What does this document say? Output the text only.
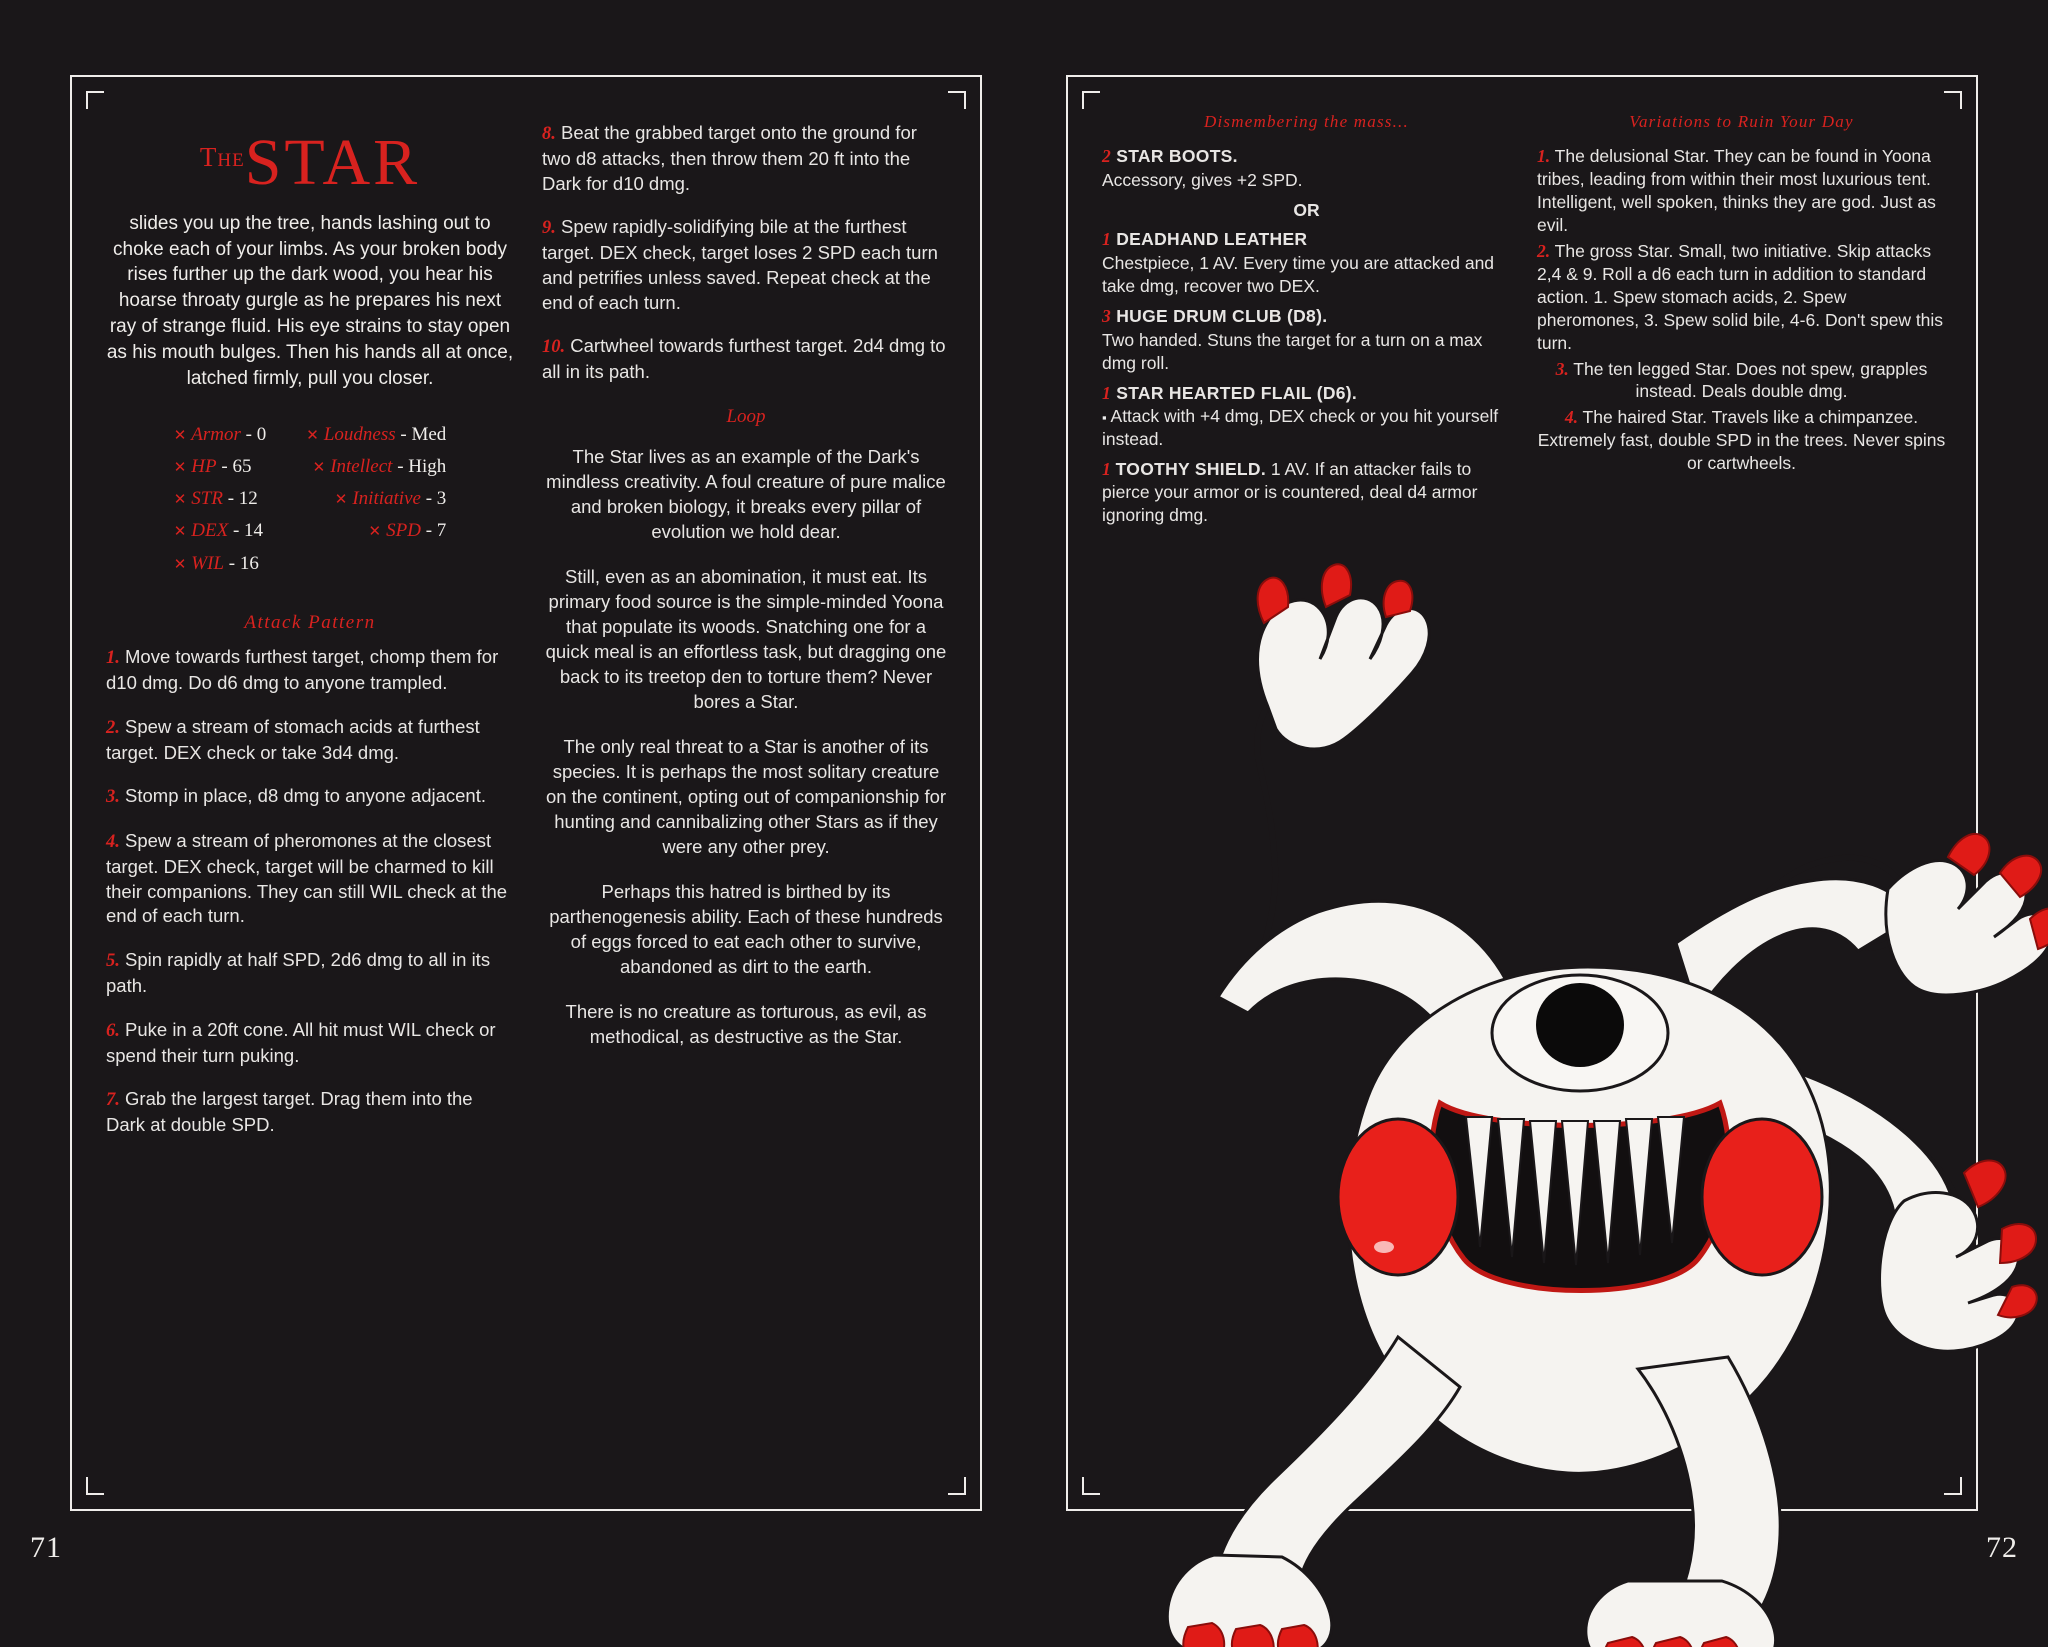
TheSTAR
slides you up the tree, hands lashing out to choke each of your limbs. As your broken body rises further up the dark wood, you hear his hoarse throaty gurgle as he prepares his next ray of strange fluid. His eye strains to stay open as his mouth bulges. Then his hands all at once, latched firmly, pull you closer.
✕ Armor - 0
✕ HP - 65
✕ STR - 12
✕ DEX - 14
✕ WIL - 16
✕ Loudness - Med
✕ Intellect - High
✕ Initiative - 3
✕ SPD - 7
Attack Pattern
1. Move towards furthest target, chomp them for d10 dmg. Do d6 dmg to anyone trampled.
2. Spew a stream of stomach acids at furthest target. DEX check or take 3d4 dmg.
3. Stomp in place, d8 dmg to anyone adjacent.
4. Spew a stream of pheromones at the closest target. DEX check, target will be charmed to kill their companions. They can still WIL check at the end of each turn.
5. Spin rapidly at half SPD, 2d6 dmg to all in its path.
6. Puke in a 20ft cone. All hit must WIL check or spend their turn puking.
7. Grab the largest target. Drag them into the Dark at double SPD.
8. Beat the grabbed target onto the ground for two d8 attacks, then throw them 20 ft into the Dark for d10 dmg.
9. Spew rapidly-solidifying bile at the furthest target. DEX check, target loses 2 SPD each turn and petrifies unless saved. Repeat check at the end of each turn.
10. Cartwheel towards furthest target. 2d4 dmg to all in its path.
Loop
The Star lives as an example of the Dark's mindless creativity. A foul creature of pure malice and broken biology, it breaks every pillar of evolution we hold dear.
Still, even as an abomination, it must eat. Its primary food source is the simple-minded Yoona that populate its woods. Snatching one for a quick meal is an effortless task, but dragging one back to its treetop den to torture them? Never bores a Star.
The only real threat to a Star is another of its species. It is perhaps the most solitary creature on the continent, opting out of companionship for hunting and cannibalizing other Stars as if they were any other prey.
Perhaps this hatred is birthed by its parthenogenesis ability. Each of these hundreds of eggs forced to eat each other to survive, abandoned as dirt to the earth.
There is no creature as torturous, as evil, as methodical, as destructive as the Star.
71
Dismembering the mass...
2 STAR BOOTS.
Accessory, gives +2 SPD.
OR
1 DEADHAND LEATHER
Chestpiece, 1 AV. Every time you are attacked and take dmg, recover two DEX.
3 HUGE DRUM CLUB (D8).
Two handed. Stuns the target for a turn on a max dmg roll.
1 STAR HEARTED FLAIL (D6).
▪ Attack with +4 dmg, DEX check or you hit yourself instead.
1 TOOTHY SHIELD. 1 AV. If an attacker fails to pierce your armor or is countered, deal d4 armor ignoring dmg.
Variations to Ruin Your Day
1. The delusional Star. They can be found in Yoona tribes, leading from within their most luxurious tent. Intelligent, well spoken, thinks they are god. Just as evil.
2. The gross Star. Small, two initiative. Skip attacks 2,4 & 9. Roll a d6 each turn in addition to standard action. 1. Spew stomach acids, 2. Spew pheromones, 3. Spew solid bile, 4-6. Don't spew this turn.
3. The ten legged Star. Does not spew, grapples instead. Deals double dmg.
4. The haired Star. Travels like a chimpanzee. Extremely fast, double SPD in the trees. Never spins or cartwheels.
72
